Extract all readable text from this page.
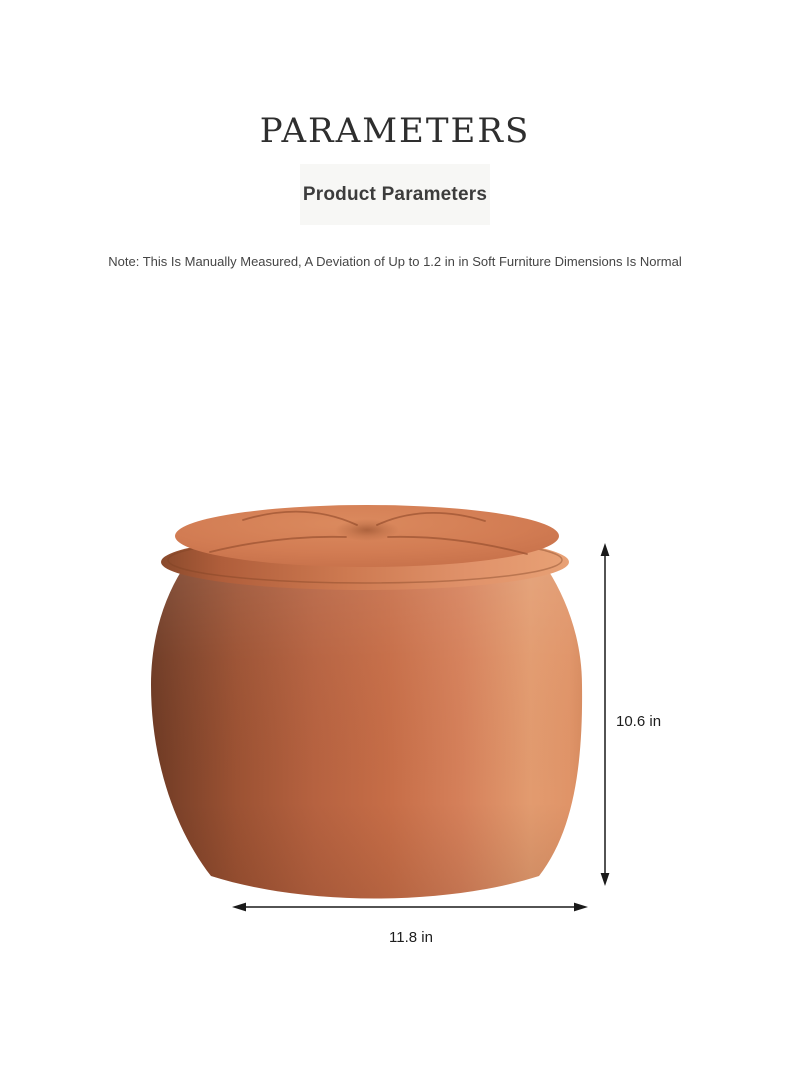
PARAMETERS
Product Parameters

Note: This Is Manually Measured, A Deviation of Up to 1.2 in in Soft Furniture Dimensions Is Normal

10.6 in
11.8 in
